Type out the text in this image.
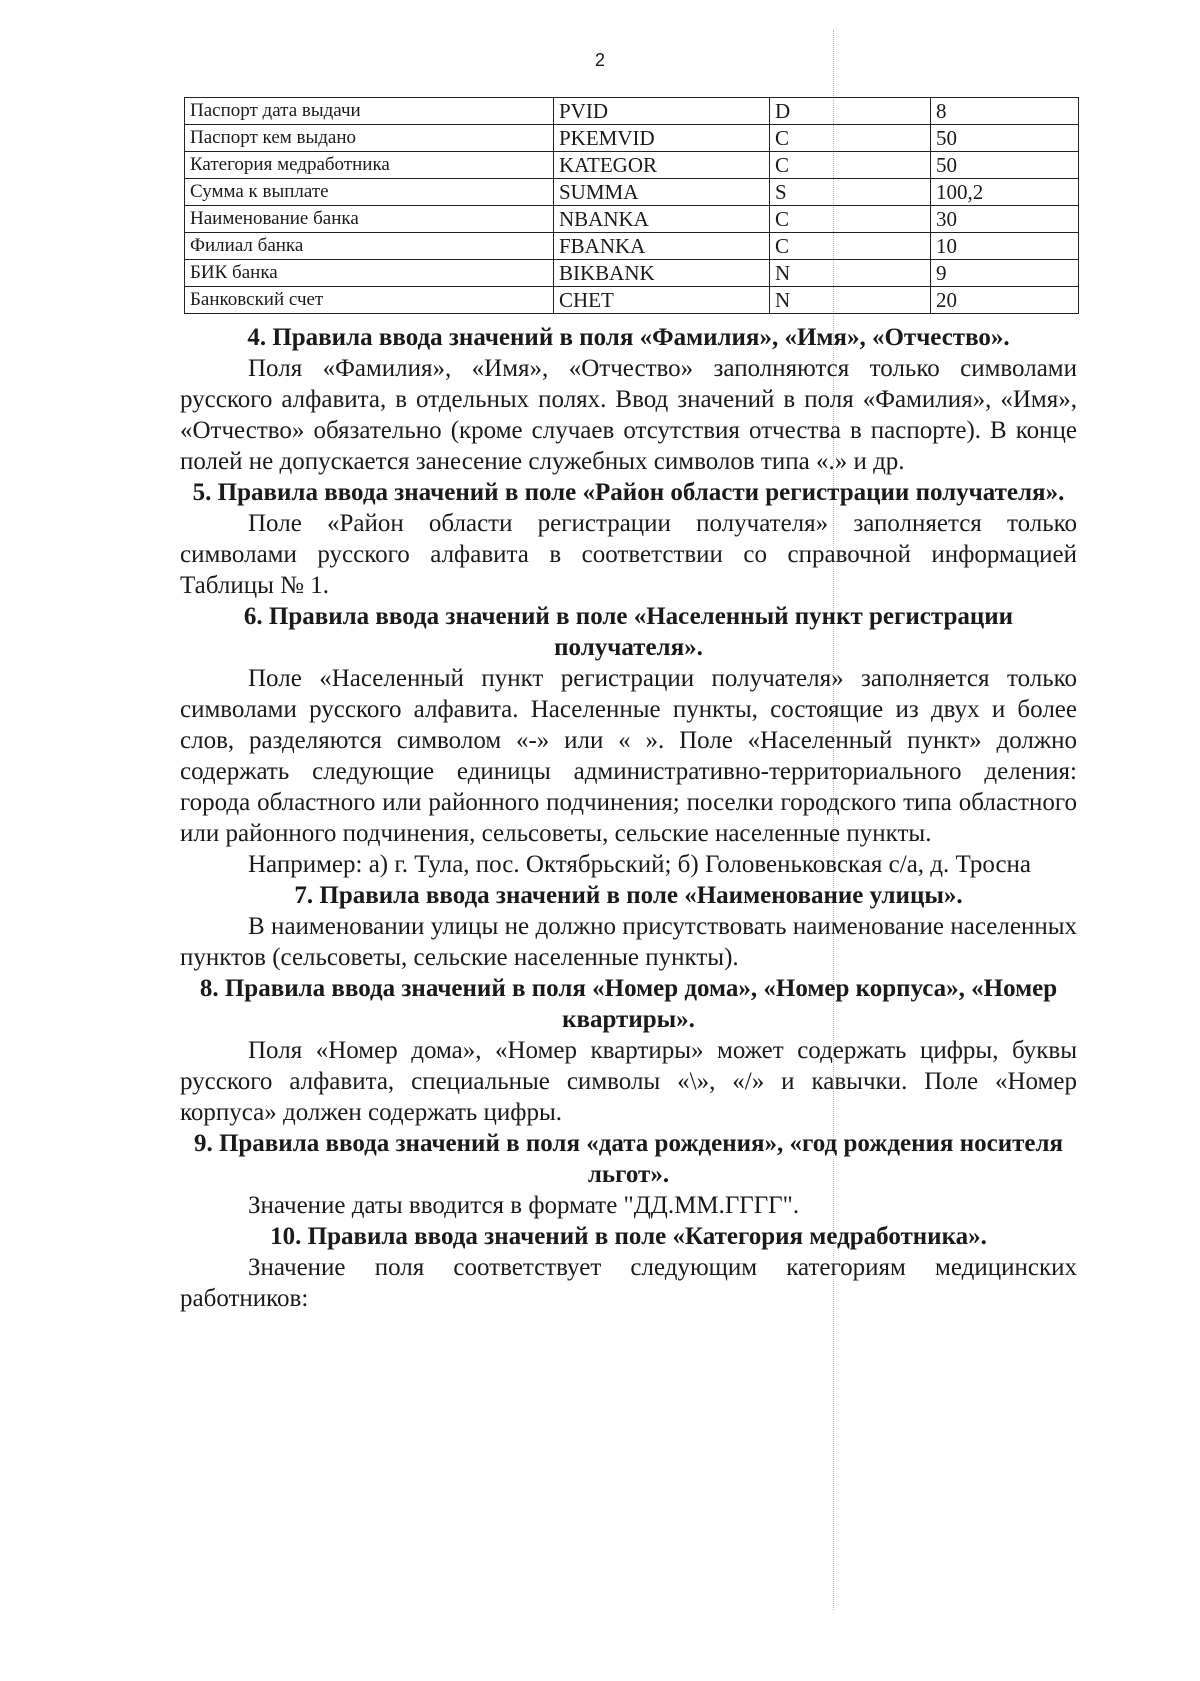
2
Паспорт дата выдачи	PVID	D	8
Паспорт кем выдано	PKEMVID	C	50
Категория медработника	KATEGOR	C	50
Сумма к выплате	SUMMA	S	100,2
Наименование банка	NBANKA	C	30
Филиал банка	FBANKA	C	10
БИК банка	BIKBANK	N	9
Банковский счет	CHET	N	20
4. Правила ввода значений в поля «Фамилия», «Имя», «Отчество».

Поля «Фамилия», «Имя», «Отчество» заполняются только символами русского алфавита, в отдельных полях. Ввод значений в поля «Фамилия», «Имя», «Отчество» обязательно (кроме случаев отсутствия отчества в паспорте). В конце полей не допускается занесение служебных символов типа «.» и др.

5. Правила ввода значений в поле «Район области регистрации получателя».

Поле «Район области регистрации получателя» заполняется только символами русского алфавита в соответствии со справочной информацией Таблицы № 1.

6. Правила ввода значений в поле «Населенный пункт регистрации получателя».

Поле «Населенный пункт регистрации получателя» заполняется только символами русского алфавита. Населенные пункты, состоящие из двух и более слов, разделяются символом «-» или « ». Поле «Населенный пункт» должно содержать следующие единицы административно-территориального деления: города областного или районного подчинения; поселки городского типа областного или районного подчинения, сельсоветы, сельские населенные пункты.

Например: а) г. Тула, пос. Октябрьский; б) Головеньковская с/а, д. Тросна

7. Правила ввода значений в поле «Наименование улицы».

В наименовании улицы не должно присутствовать наименование населенных пунктов (сельсоветы, сельские населенные пункты).

8. Правила ввода значений в поля «Номер дома», «Номер корпуса», «Номер квартиры».

Поля «Номер дома», «Номер квартиры» может содержать цифры, буквы русского алфавита, специальные символы «\», «/» и кавычки. Поле «Номер корпуса» должен содержать цифры.

9. Правила ввода значений в поля «дата рождения», «год рождения носителя льгот».

Значение даты вводится в формате "ДД.ММ.ГГГГ".

10. Правила ввода значений в поле «Категория медработника».

Значение поля соответствует следующим категориям медицинских работников:
